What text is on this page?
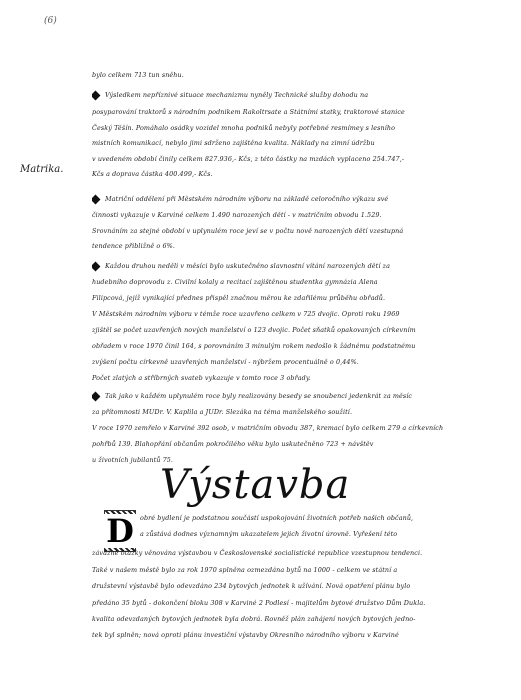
(6)
Matrika.
bylo celkem 713 tun sněhu.
Výsledkem nepříznivé situace mechanizmu nyněly Technické služby dohodu na
posyparování traktorů s národním podnikem Rakoltrsate a Státními statky, traktorové stanice
Český Těšín. Pomáhalo osádky vozidel mnoha podniků nebyly potřebné resmímey s lesního
mistních komunikací, nebylo jimi sdrženo zajištěna kvalita. Náklady na zimní údržbu
v uvedeném období činily celkem 827.936,- Kčs, z této částky na mzdách vyplaceno 254.747,-
Kčs a doprava částka 400.499,- Kčs.
Matriční oddělení při Městském národním výboru na základě celoročního výkazu své
činnosti vykazuje v Karviné celkem 1.490 narozených dětí - v matričním obvodu 1.529.
Srovnáním za stejné období v uplynulém roce jeví se v počtu nově narozených dětí vzestupná
tendence přibližně o 6%.
Každou druhou neděli v měsíci bylo uskutečněno slavnostní vítání narozených dětí za
hudebního doprovodu z. Civilní kolaly a recitací zajištěnou studentka gymnázia Alena
Filipcová, jejíž vynikající přednes přispěl značnou měrou ke zdařilému průběhu obřadů.
V Městském národním výboru v témže roce uzavřeno celkem v 725 dvojic. Oproti roku 1969
zjištěl se počet uzavřených nových manželství o 123 dvojic. Počet sňatků opakovaných církevním
obřadem v roce 1970 činil 164, s porovnáním 3 minulým rokem nedošlo k žádnému podstatnému
zvýšení počtu církevně uzavřených manželství - nýbržem procentuálně o 0,44%.
Počet zlatých a stříbrných svateb vykazuje v tomto roce 3 obřady.
Tak jako v každém uplynulém roce byly realizovány besedy se snoubenci jedenkrát za měsíc
za přítomnosti MUDr. V. Kaplila a JUDr. Slezáka na téma manželského soužití.
V roce 1970 zemřelo v Karviné 392 osob, v matričním obvodu 387, kremací bylo celkem 279 a církevních
pohřbů 139. Blahopřání občanům pokročilého věku bylo uskutečněno 723 + návštěv
u životních jubilantů 75.
Výstavba
D obré bydlení je podstatnou součástí uspokojování životních potřeb našich občanů,
a zůstává dodnes významným ukazatelem jejich životní úrovně. Vyřešení této
závažné otázky věnována výstavbou v Československé socialistické republice vzestupnou tendenci.
Také v našem městě bylo za rok 1970 splněna ozmezdána bytů na 1000 - celkem ve státní a
družstevní výstavbě bylo odevzdáno 234 bytových jednotek k užívání. Nová opatření plánu bylo
předáno 35 bytů - dokončení bloku 308 v Karviné 2 Podlesí - majitelům bytové družstvo Dům Dukla.
kvalita odevzdaných bytových jednotek byla dobrá. Rovněž plán zahájení nových bytových jedno-
tek byl splněn; nová oproti plánu investiční výstavby Okresního národního výboru v Karviné
